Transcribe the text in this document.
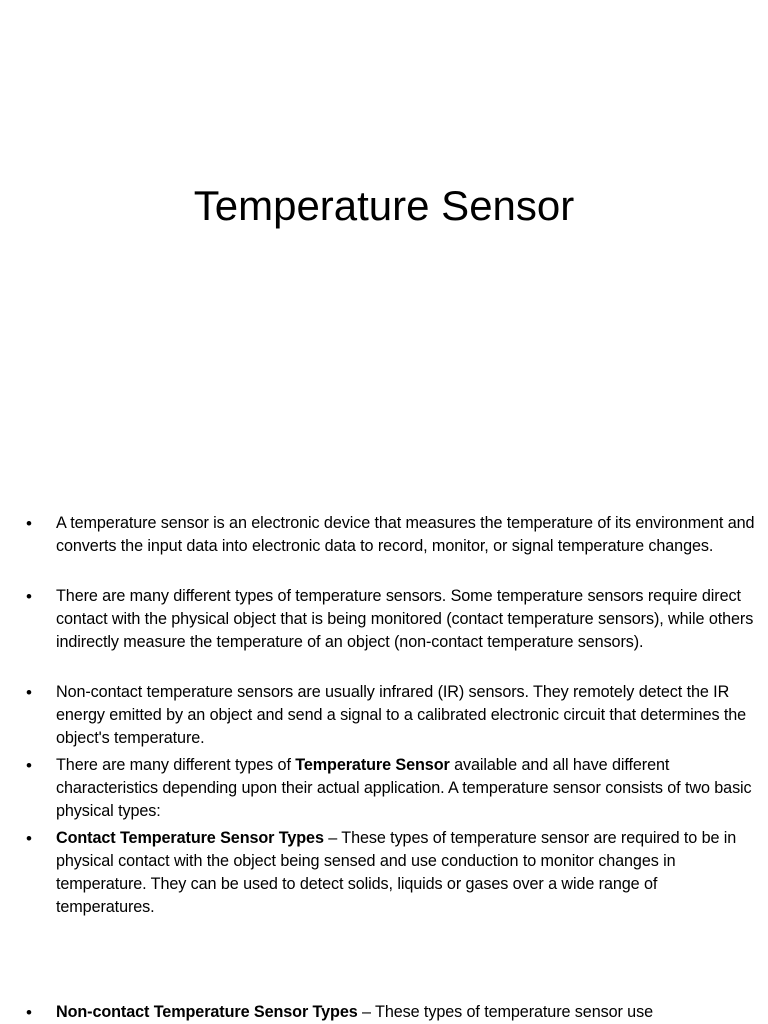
Temperature Sensor
• A temperature sensor is an electronic device that measures the temperature of its environment and converts the input data into electronic data to record, monitor, or signal temperature changes.
• There are many different types of temperature sensors. Some temperature sensors require direct contact with the physical object that is being monitored (contact temperature sensors), while others indirectly measure the temperature of an object (non-contact temperature sensors).
• Non-contact temperature sensors are usually infrared (IR) sensors. They remotely detect the IR energy emitted by an object and send a signal to a calibrated electronic circuit that determines the object's temperature.
• There are many different types of Temperature Sensor available and all have different characteristics depending upon their actual application. A temperature sensor consists of two basic physical types:
• Contact Temperature Sensor Types – These types of temperature sensor are required to be in physical contact with the object being sensed and use conduction to monitor changes in temperature. They can be used to detect solids, liquids or gases over a wide range of temperatures.
• Non-contact Temperature Sensor Types – These types of temperature sensor use
